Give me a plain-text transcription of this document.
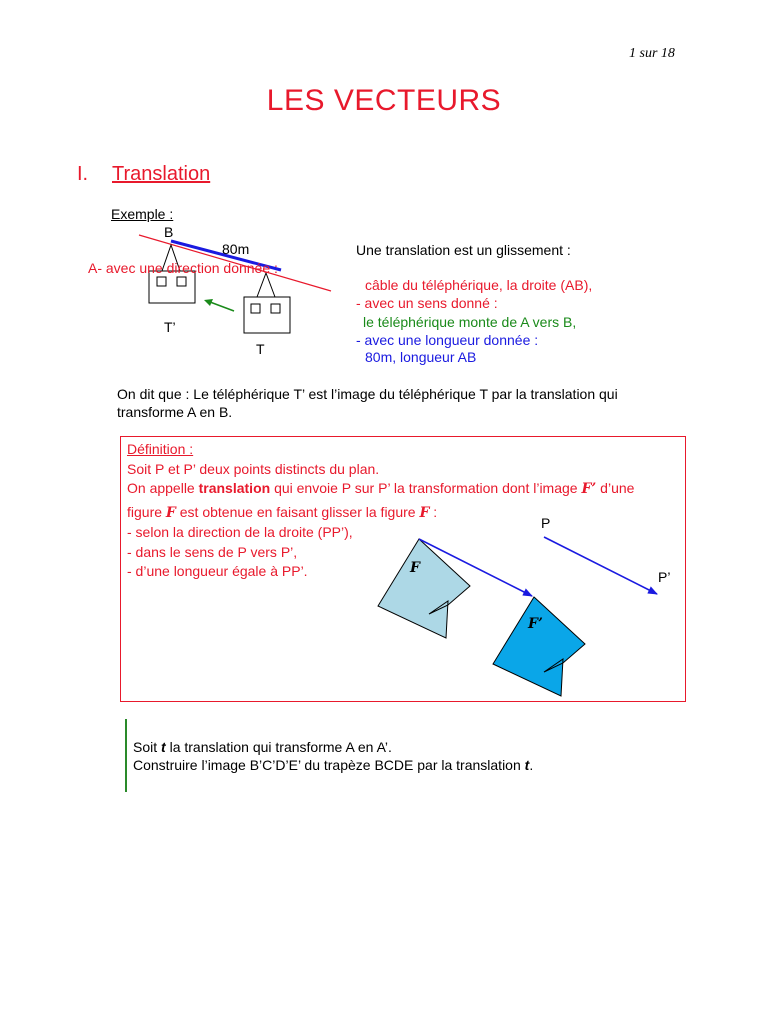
1 sur 18
LES VECTEURS
I. Translation
Exemple :
B
80m
A- avec une direction donnée :
T’
T
Une translation est un glissement :
câble du téléphérique, la droite (AB),
- avec un sens donné :
le téléphérique monte de A vers B,
- avec une longueur donnée :
80m, longueur AB
On dit que : Le téléphérique T’ est l’image du téléphérique T par la translation qui
transforme A en B.
Définition :
Soit P et P’ deux points distincts du plan.
On appelle translation qui envoie P sur P’ la transformation dont l’image F’ d’une
figure F est obtenue en faisant glisser la figure F :
- selon la direction de la droite (PP’),
- dans le sens de P vers P’,
- d’une longueur égale à PP’.
P
P’
F
F’
Soit t la translation qui transforme A en A’.
Construire l’image B’C’D’E’ du trapèze BCDE par la translation t.
